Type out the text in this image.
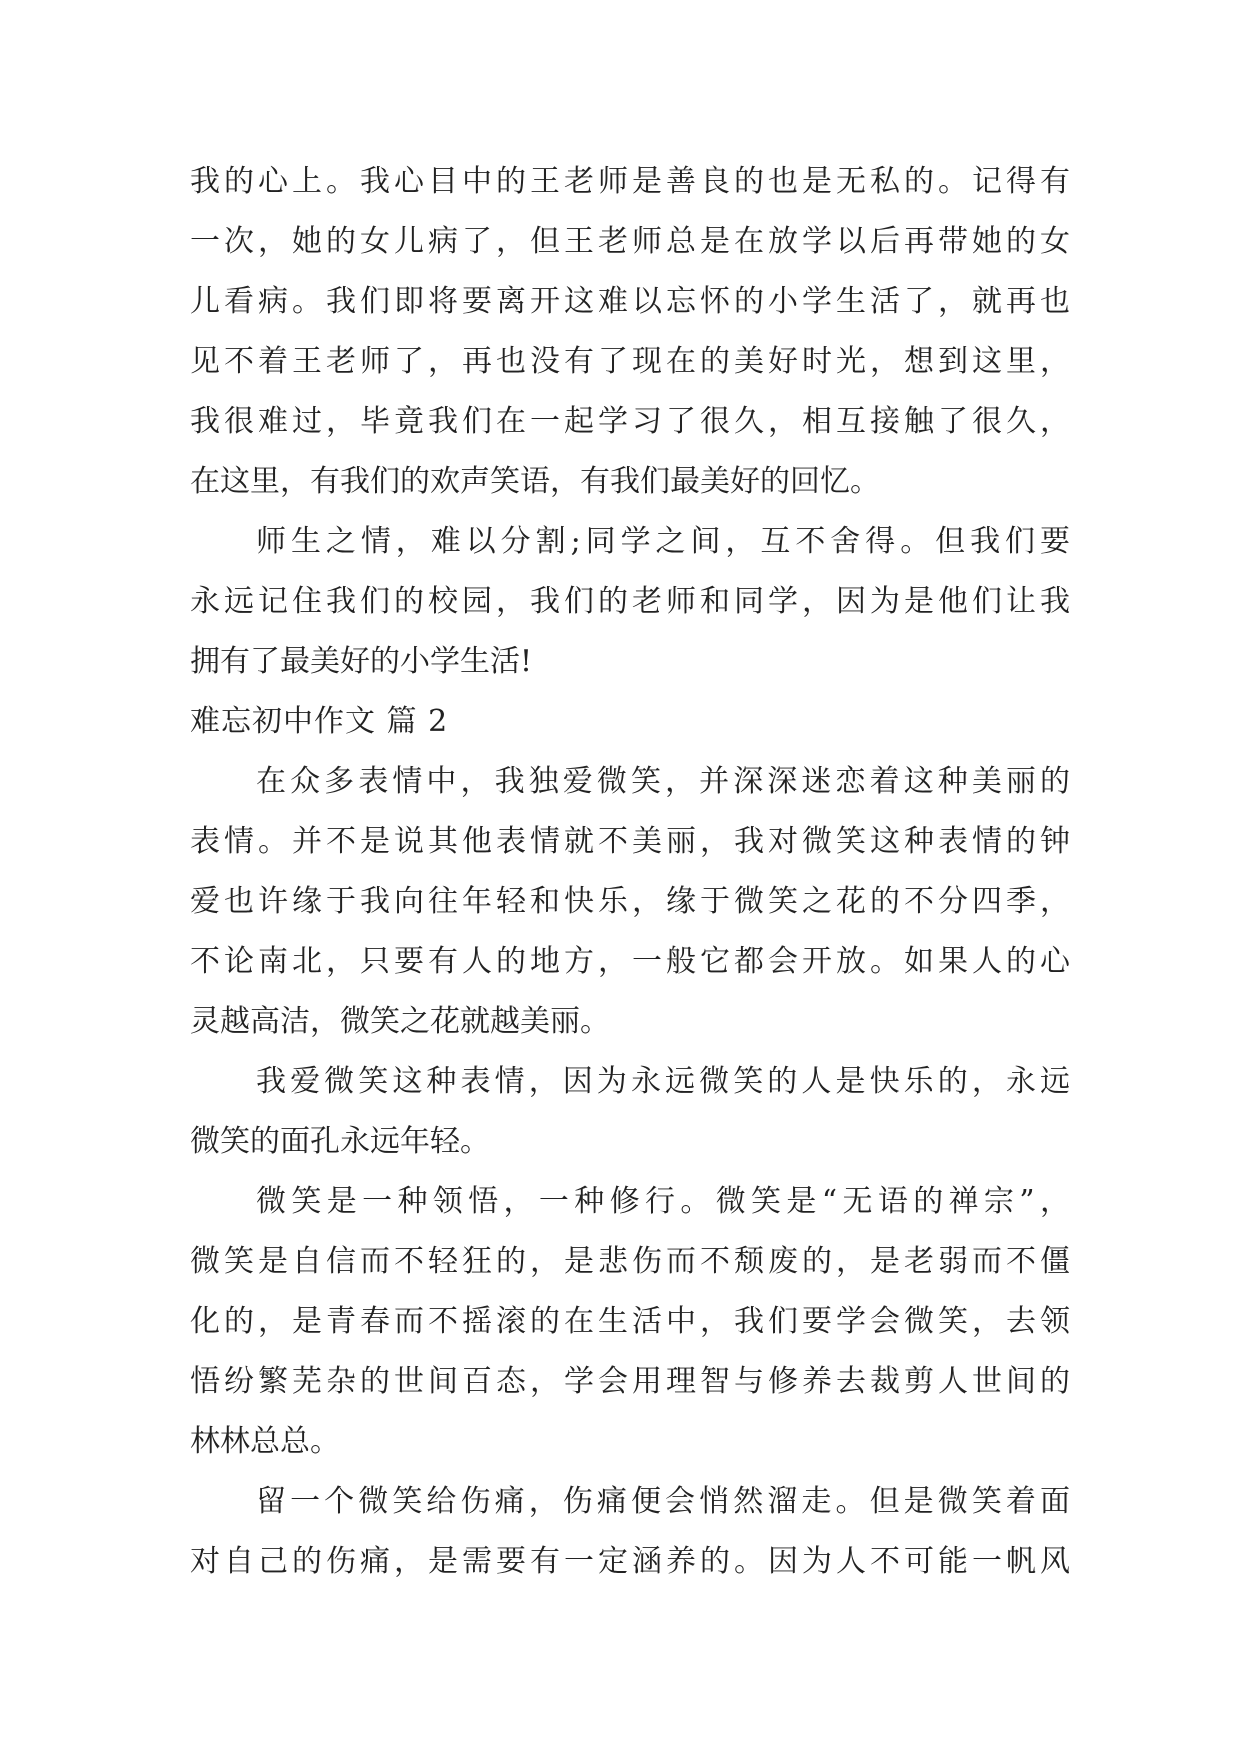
我的心上。我心目中的王老师是善良的也是无私的。记得有
一次，她的女儿病了，但王老师总是在放学以后再带她的女
儿看病。我们即将要离开这难以忘怀的小学生活了，就再也
见不着王老师了，再也没有了现在的美好时光，想到这里，
我很难过，毕竟我们在一起学习了很久，相互接触了很久，
在这里，有我们的欢声笑语，有我们最美好的回忆。
师生之情，难以分割;同学之间，互不舍得。但我们要
永远记住我们的校园，我们的老师和同学，因为是他们让我
拥有了最美好的小学生活!
难忘初中作文 篇 2
在众多表情中，我独爱微笑，并深深迷恋着这种美丽的
表情。并不是说其他表情就不美丽，我对微笑这种表情的钟
爱也许缘于我向往年轻和快乐，缘于微笑之花的不分四季，
不论南北，只要有人的地方，一般它都会开放。如果人的心
灵越高洁，微笑之花就越美丽。
我爱微笑这种表情，因为永远微笑的人是快乐的，永远
微笑的面孔永远年轻。
微笑是一种领悟，一种修行。微笑是“无语的禅宗”，
微笑是自信而不轻狂的，是悲伤而不颓废的，是老弱而不僵
化的，是青春而不摇滚的在生活中，我们要学会微笑，去领
悟纷繁芜杂的世间百态，学会用理智与修养去裁剪人世间的
林林总总。
留一个微笑给伤痛，伤痛便会悄然溜走。但是微笑着面
对自己的伤痛，是需要有一定涵养的。因为人不可能一帆风
